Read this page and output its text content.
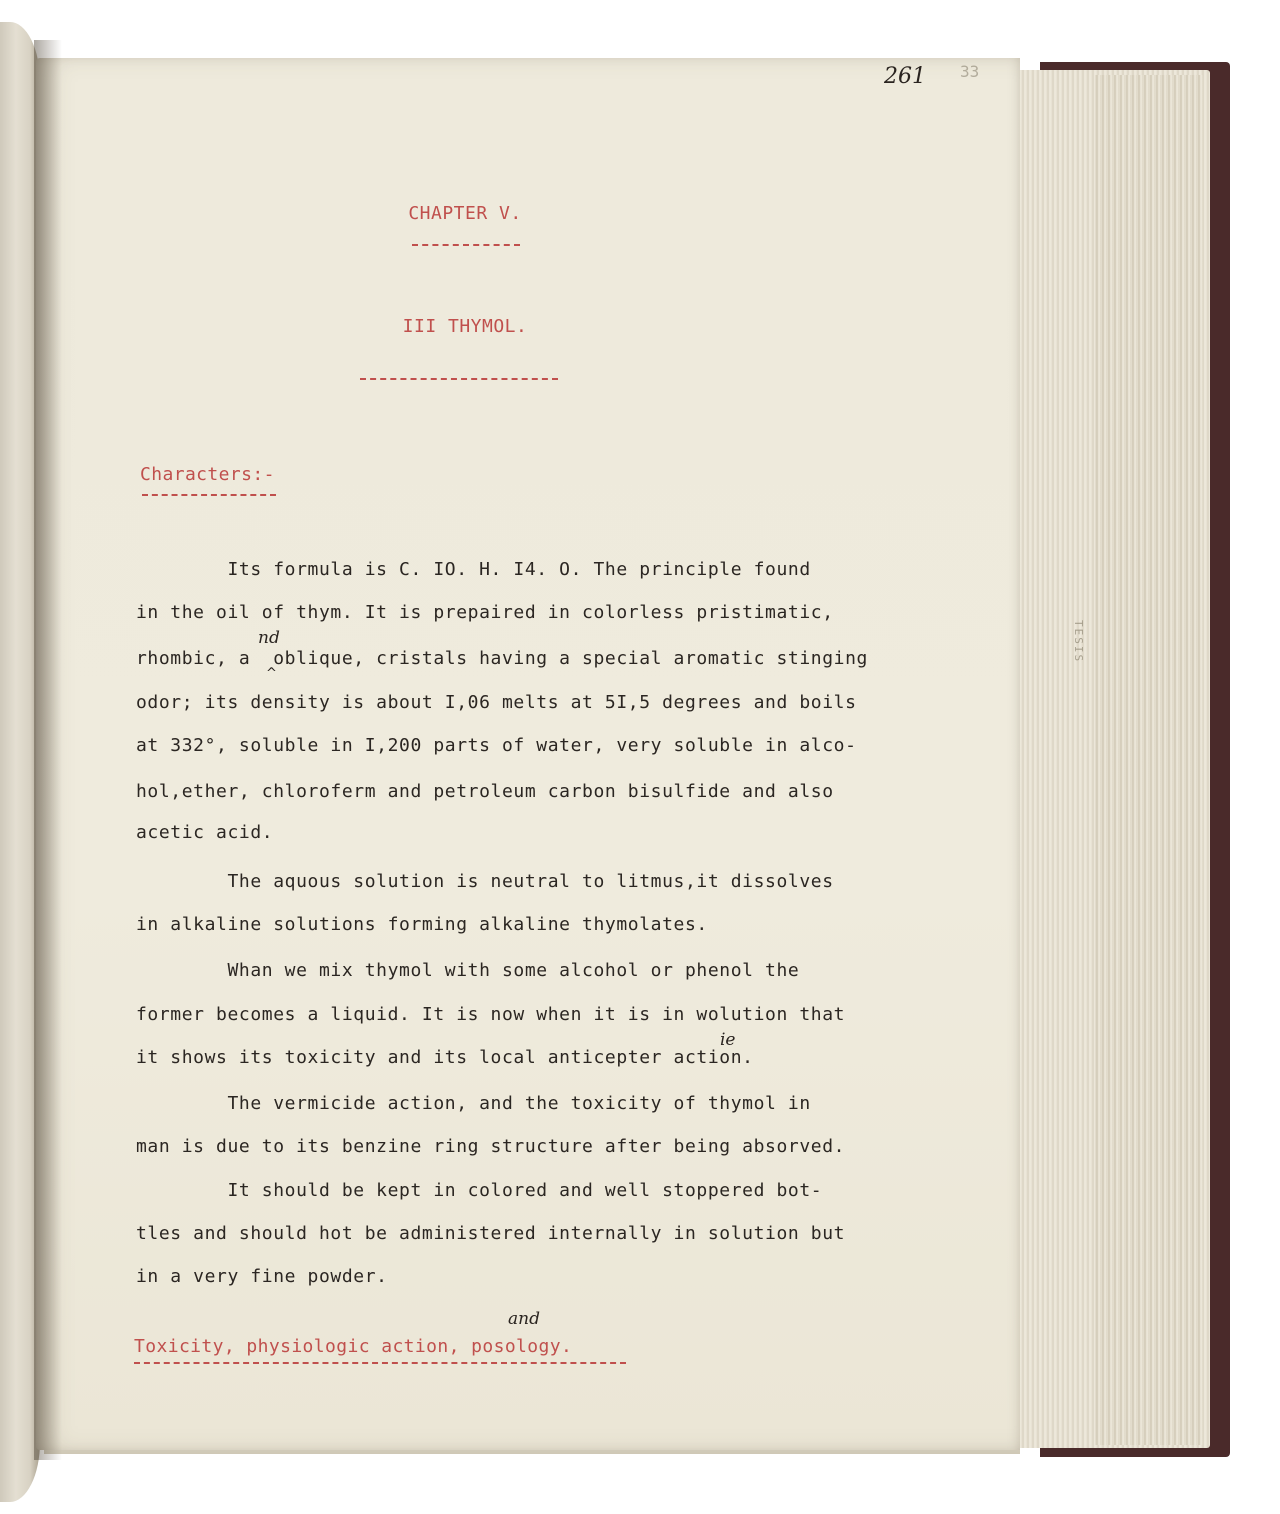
TESIS
261 33
CHAPTER V.
III THYMOL.
Characters:-
Its formula is C. IO. H. I4. O. The principle found
in the oil of thym. It is prepaired in colorless pristimatic,
rhombic, a  oblique, cristals having a special aromatic stinging
odor; its density is about I,06 melts at 5I,5 degrees and boils
at 332°, soluble in I,200 parts of water, very soluble in alco-
hol,ether, chloroferm and petroleum carbon bisulfide and also
acetic acid.
The aquous solution is neutral to litmus,it dissolves
in alkaline solutions forming alkaline thymolates.
Whan we mix thymol with some alcohol or phenol the
former becomes a liquid. It is now when it is in wolution that
it shows its toxicity and its local anticepter action.
The vermicide action, and the toxicity of thymol in
man is due to its benzine ring structure after being absorved.
It should be kept in colored and well stoppered bot-
tles and should hot be administered internally in solution but
in a very fine powder.
nd
^
ie
and
Toxicity, physiologic action, posology.
